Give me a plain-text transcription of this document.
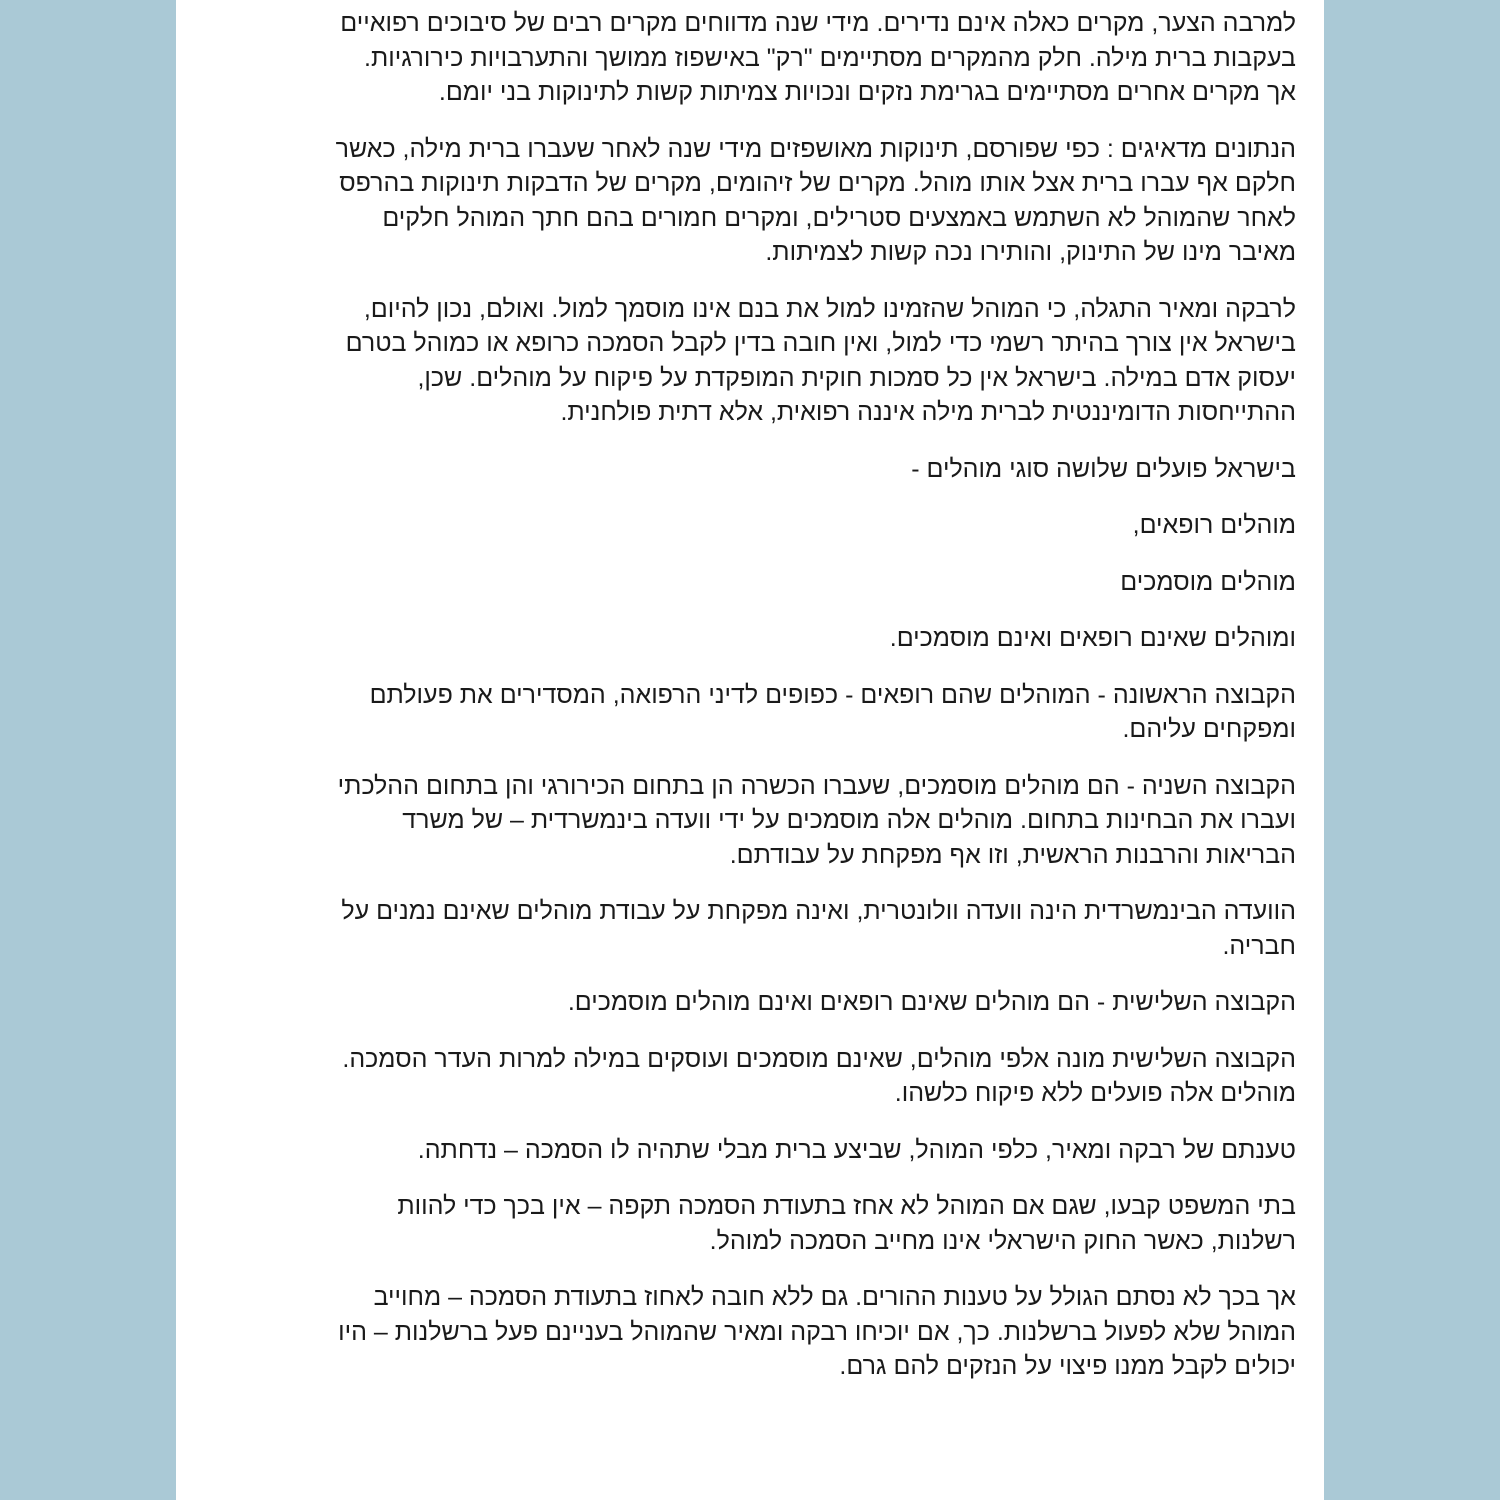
למרבה הצער, מקרים כאלה אינם נדירים. מידי שנה מדווחים מקרים רבים של סיבוכים רפואיים
בעקבות ברית מילה. חלק מהמקרים מסתיימים "רק" באישפוז ממושך והתערבויות כירורגיות.
אך מקרים אחרים מסתיימים בגרימת נזקים ונכויות צמיתות קשות לתינוקות בני יומם.

הנתונים מדאיגים : כפי שפורסם, תינוקות מאושפזים מידי שנה לאחר שעברו ברית מילה, כאשר
חלקם אף עברו ברית אצל אותו מוהל. מקרים של זיהומים, מקרים של הדבקות תינוקות בהרפס
לאחר שהמוהל לא השתמש באמצעים סטרילים, ומקרים חמורים בהם חתך המוהל חלקים
מאיבר מינו של התינוק, והותירו נכה קשות לצמיתות.

לרבקה ומאיר התגלה, כי המוהל שהזמינו למול את בנם אינו מוסמך למול. ואולם, נכון להיום,
בישראל אין צורך בהיתר רשמי כדי למול, ואין חובה בדין לקבל הסמכה כרופא או כמוהל בטרם
יעסוק אדם במילה. בישראל אין כל סמכות חוקית המופקדת על פיקוח על מוהלים. שכן,
ההתייחסות הדומיננטית לברית מילה איננה רפואית, אלא דתית פולחנית.

בישראל פועלים שלושה סוגי מוהלים -

מוהלים רופאים,

מוהלים מוסמכים

ומוהלים שאינם רופאים ואינם מוסמכים.

הקבוצה הראשונה - המוהלים שהם רופאים - כפופים לדיני הרפואה, המסדירים את פעולתם
ומפקחים עליהם.

הקבוצה השניה - הם מוהלים מוסמכים, שעברו הכשרה הן בתחום הכירורגי והן בתחום ההלכתי
ועברו את הבחינות בתחום. מוהלים אלה מוסמכים על ידי וועדה בינמשרדית – של משרד
הבריאות והרבנות הראשית, וזו אף מפקחת על עבודתם.

הוועדה הבינמשרדית הינה וועדה וולונטרית, ואינה מפקחת על עבודת מוהלים שאינם נמנים על
חבריה.

הקבוצה השלישית - הם מוהלים שאינם רופאים ואינם מוהלים מוסמכים.

הקבוצה השלישית מונה אלפי מוהלים, שאינם מוסמכים ועוסקים במילה למרות העדר הסמכה.
מוהלים אלה פועלים ללא פיקוח כלשהו.

טענתם של רבקה ומאיר, כלפי המוהל, שביצע ברית מבלי שתהיה לו הסמכה – נדחתה.

בתי המשפט קבעו, שגם אם המוהל לא אחז בתעודת הסמכה תקפה – אין בכך כדי להוות
רשלנות, כאשר החוק הישראלי אינו מחייב הסמכה למוהל.

אך בכך לא נסתם הגולל על טענות ההורים. גם ללא חובה לאחוז בתעודת הסמכה – מחוייב
המוהל שלא לפעול ברשלנות. כך, אם יוכיחו רבקה ומאיר שהמוהל בעניינם פעל ברשלנות – היו
יכולים לקבל ממנו פיצוי על הנזקים להם גרם.
